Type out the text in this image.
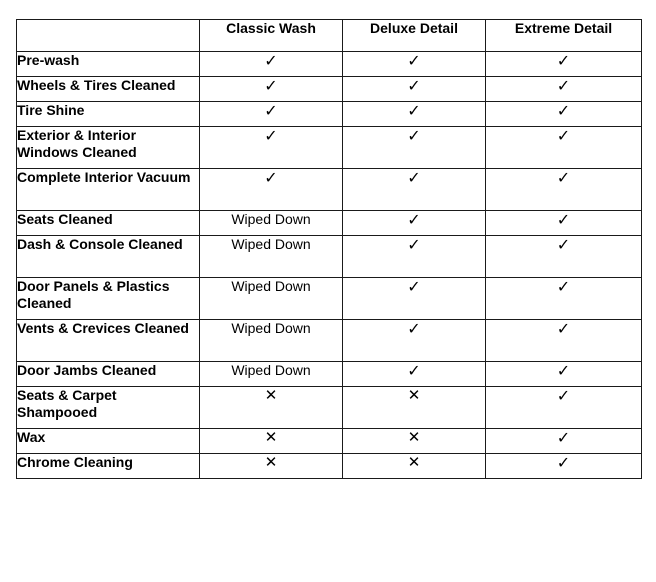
	Classic Wash	Deluxe Detail	Extreme Detail
Pre-wash	✓	✓	✓
Wheels & Tires Cleaned	✓	✓	✓
Tire Shine	✓	✓	✓
Exterior & Interior Windows Cleaned	✓	✓	✓
Complete Interior Vacuum	✓	✓	✓
Seats Cleaned	Wiped Down	✓	✓
Dash & Console Cleaned	Wiped Down	✓	✓
Door Panels & Plastics Cleaned	Wiped Down	✓	✓
Vents & Crevices Cleaned	Wiped Down	✓	✓
Door Jambs Cleaned	Wiped Down	✓	✓
Seats & Carpet Shampooed	✕	✕	✓
Wax	✕	✕	✓
Chrome Cleaning	✕	✕	✓
